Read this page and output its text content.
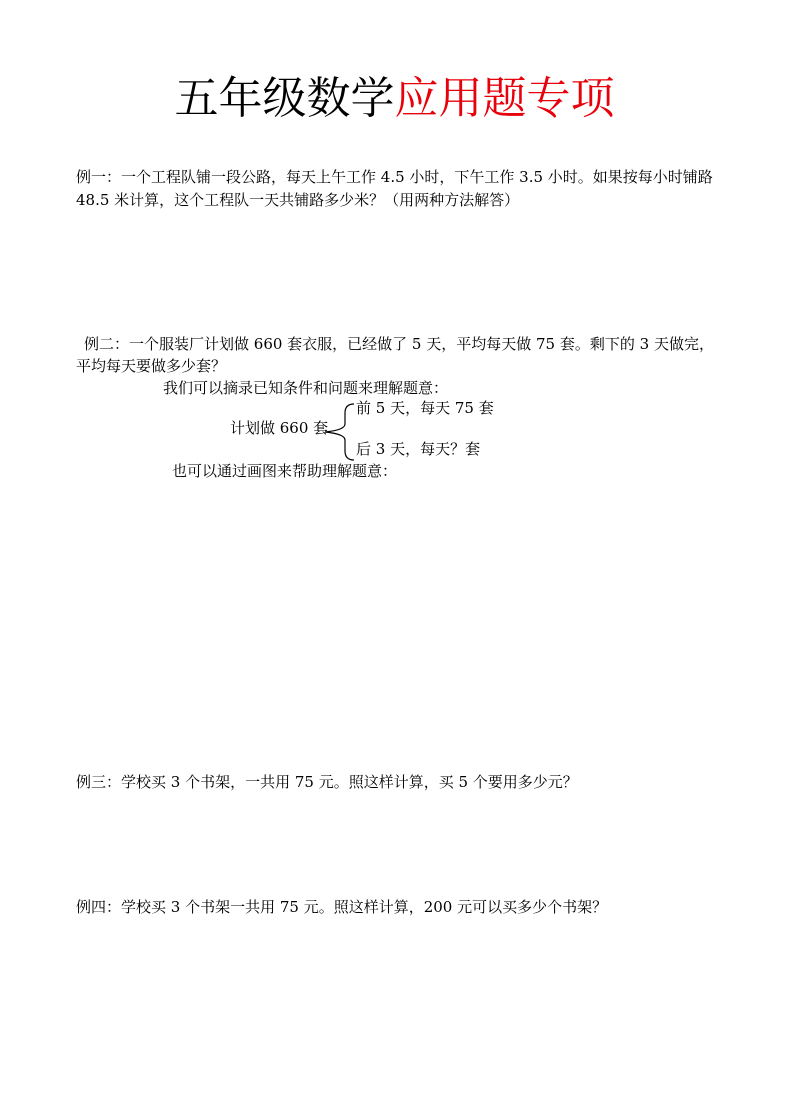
五年级数学应用题专项
例一：一个工程队铺一段公路，每天上午工作 4.5 小时，下午工作 3.5 小时。如果按每小时铺路
48.5 米计算，这个工程队一天共铺路多少米？（用两种方法解答）
例二：一个服装厂计划做 660 套衣服，已经做了 5 天，平均每天做 75 套。剩下的 3 天做完，
平均每天要做多少套？
我们可以摘录已知条件和问题来理解题意：
前 5 天，每天 75 套
计划做 660 套
后 3 天，每天？套
也可以通过画图来帮助理解题意：
例三：学校买 3 个书架，一共用 75 元。照这样计算，买 5 个要用多少元？
例四：学校买 3 个书架一共用 75 元。照这样计算，200 元可以买多少个书架？
